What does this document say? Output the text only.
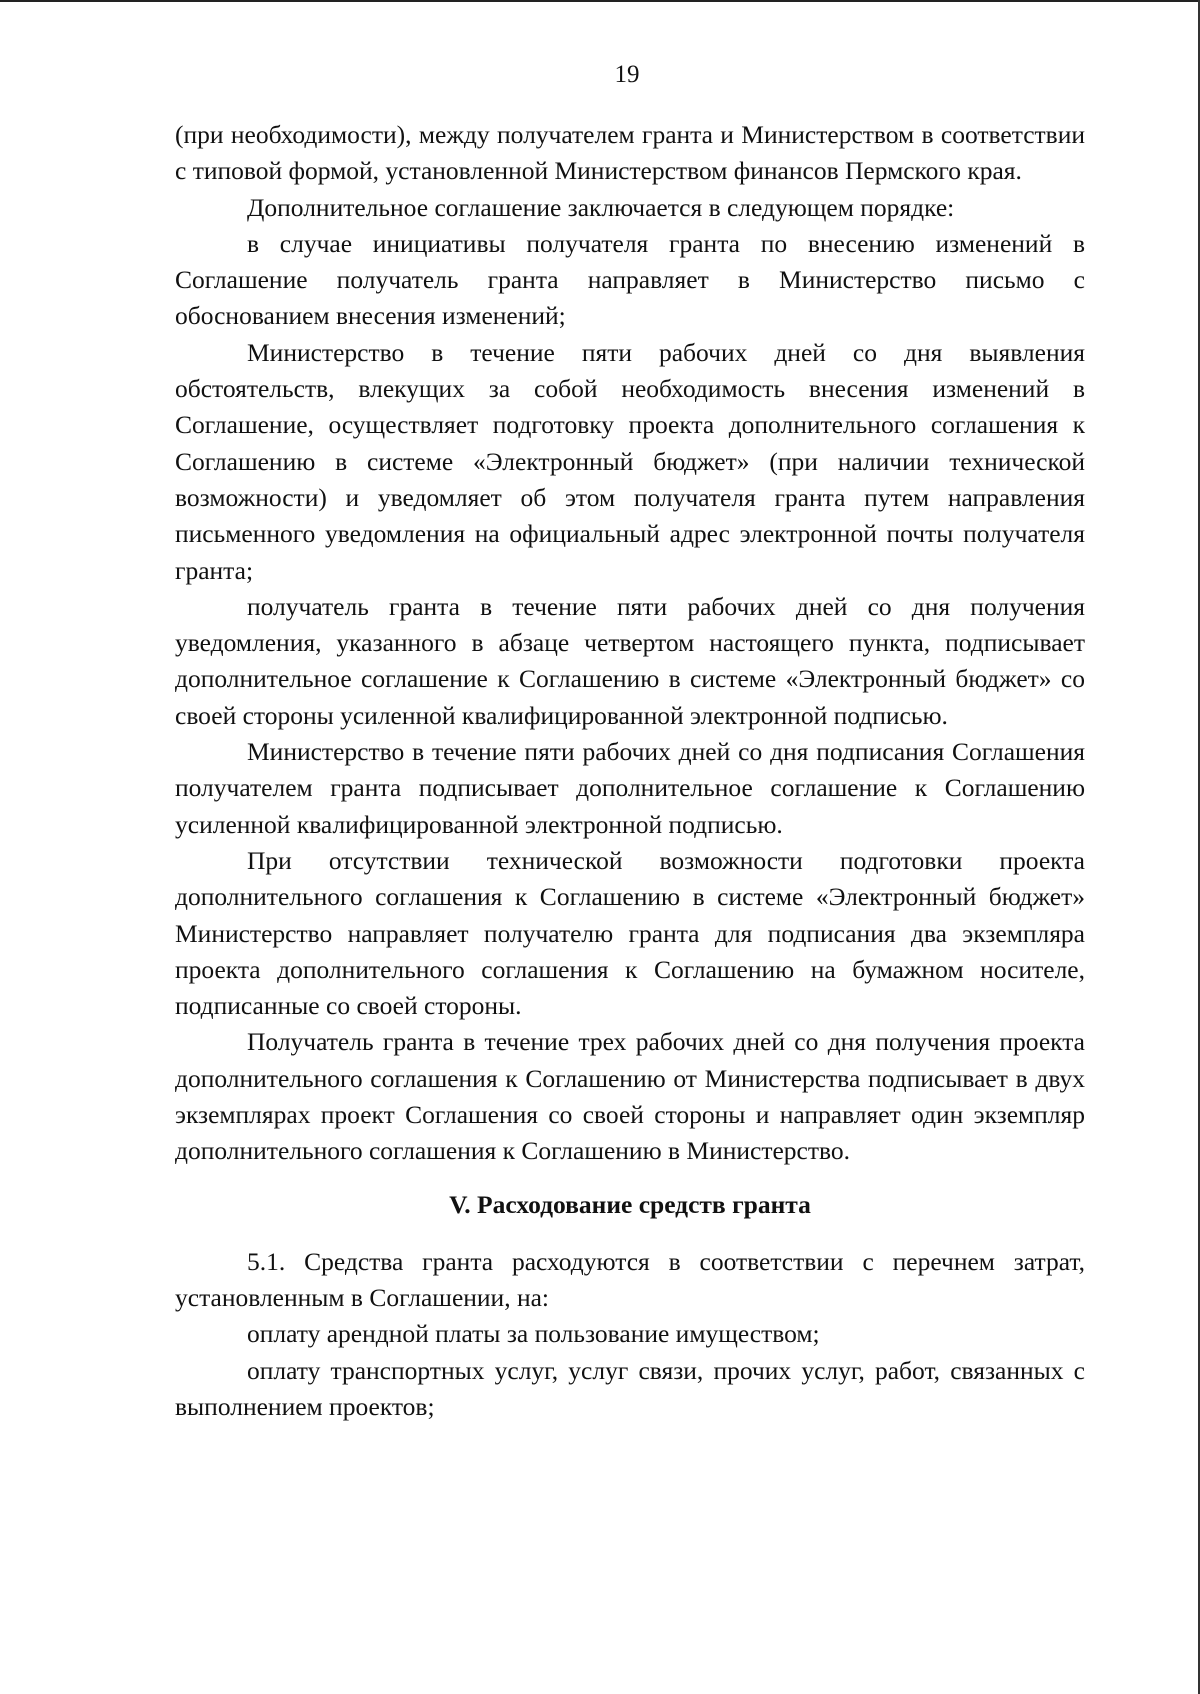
19

(при необходимости), между получателем гранта и Министерством в соответствии с типовой формой, установленной Министерством финансов Пермского края.

Дополнительное соглашение заключается в следующем порядке:

в случае инициативы получателя гранта по внесению изменений в Соглашение получатель гранта направляет в Министерство письмо с обоснованием внесения изменений;

Министерство в течение пяти рабочих дней со дня выявления обстоятельств, влекущих за собой необходимость внесения изменений в Соглашение, осуществляет подготовку проекта дополнительного соглашения к Соглашению в системе «Электронный бюджет» (при наличии технической возможности) и уведомляет об этом получателя гранта путем направления письменного уведомления на официальный адрес электронной почты получателя гранта;

получатель гранта в течение пяти рабочих дней со дня получения уведомления, указанного в абзаце четвертом настоящего пункта, подписывает дополнительное соглашение к Соглашению в системе «Электронный бюджет» со своей стороны усиленной квалифицированной электронной подписью.

Министерство в течение пяти рабочих дней со дня подписания Соглашения получателем гранта подписывает дополнительное соглашение к Соглашению усиленной квалифицированной электронной подписью.

При отсутствии технической возможности подготовки проекта дополнительного соглашения к Соглашению в системе «Электронный бюджет» Министерство направляет получателю гранта для подписания два экземпляра проекта дополнительного соглашения к Соглашению на бумажном носителе, подписанные со своей стороны.

Получатель гранта в течение трех рабочих дней со дня получения проекта дополнительного соглашения к Соглашению от Министерства подписывает в двух экземплярах проект Соглашения со своей стороны и направляет один экземпляр дополнительного соглашения к Соглашению в Министерство.

V. Расходование средств гранта

5.1. Средства гранта расходуются в соответствии с перечнем затрат, установленным в Соглашении, на:

оплату арендной платы за пользование имуществом;

оплату транспортных услуг, услуг связи, прочих услуг, работ, связанных с выполнением проектов;
